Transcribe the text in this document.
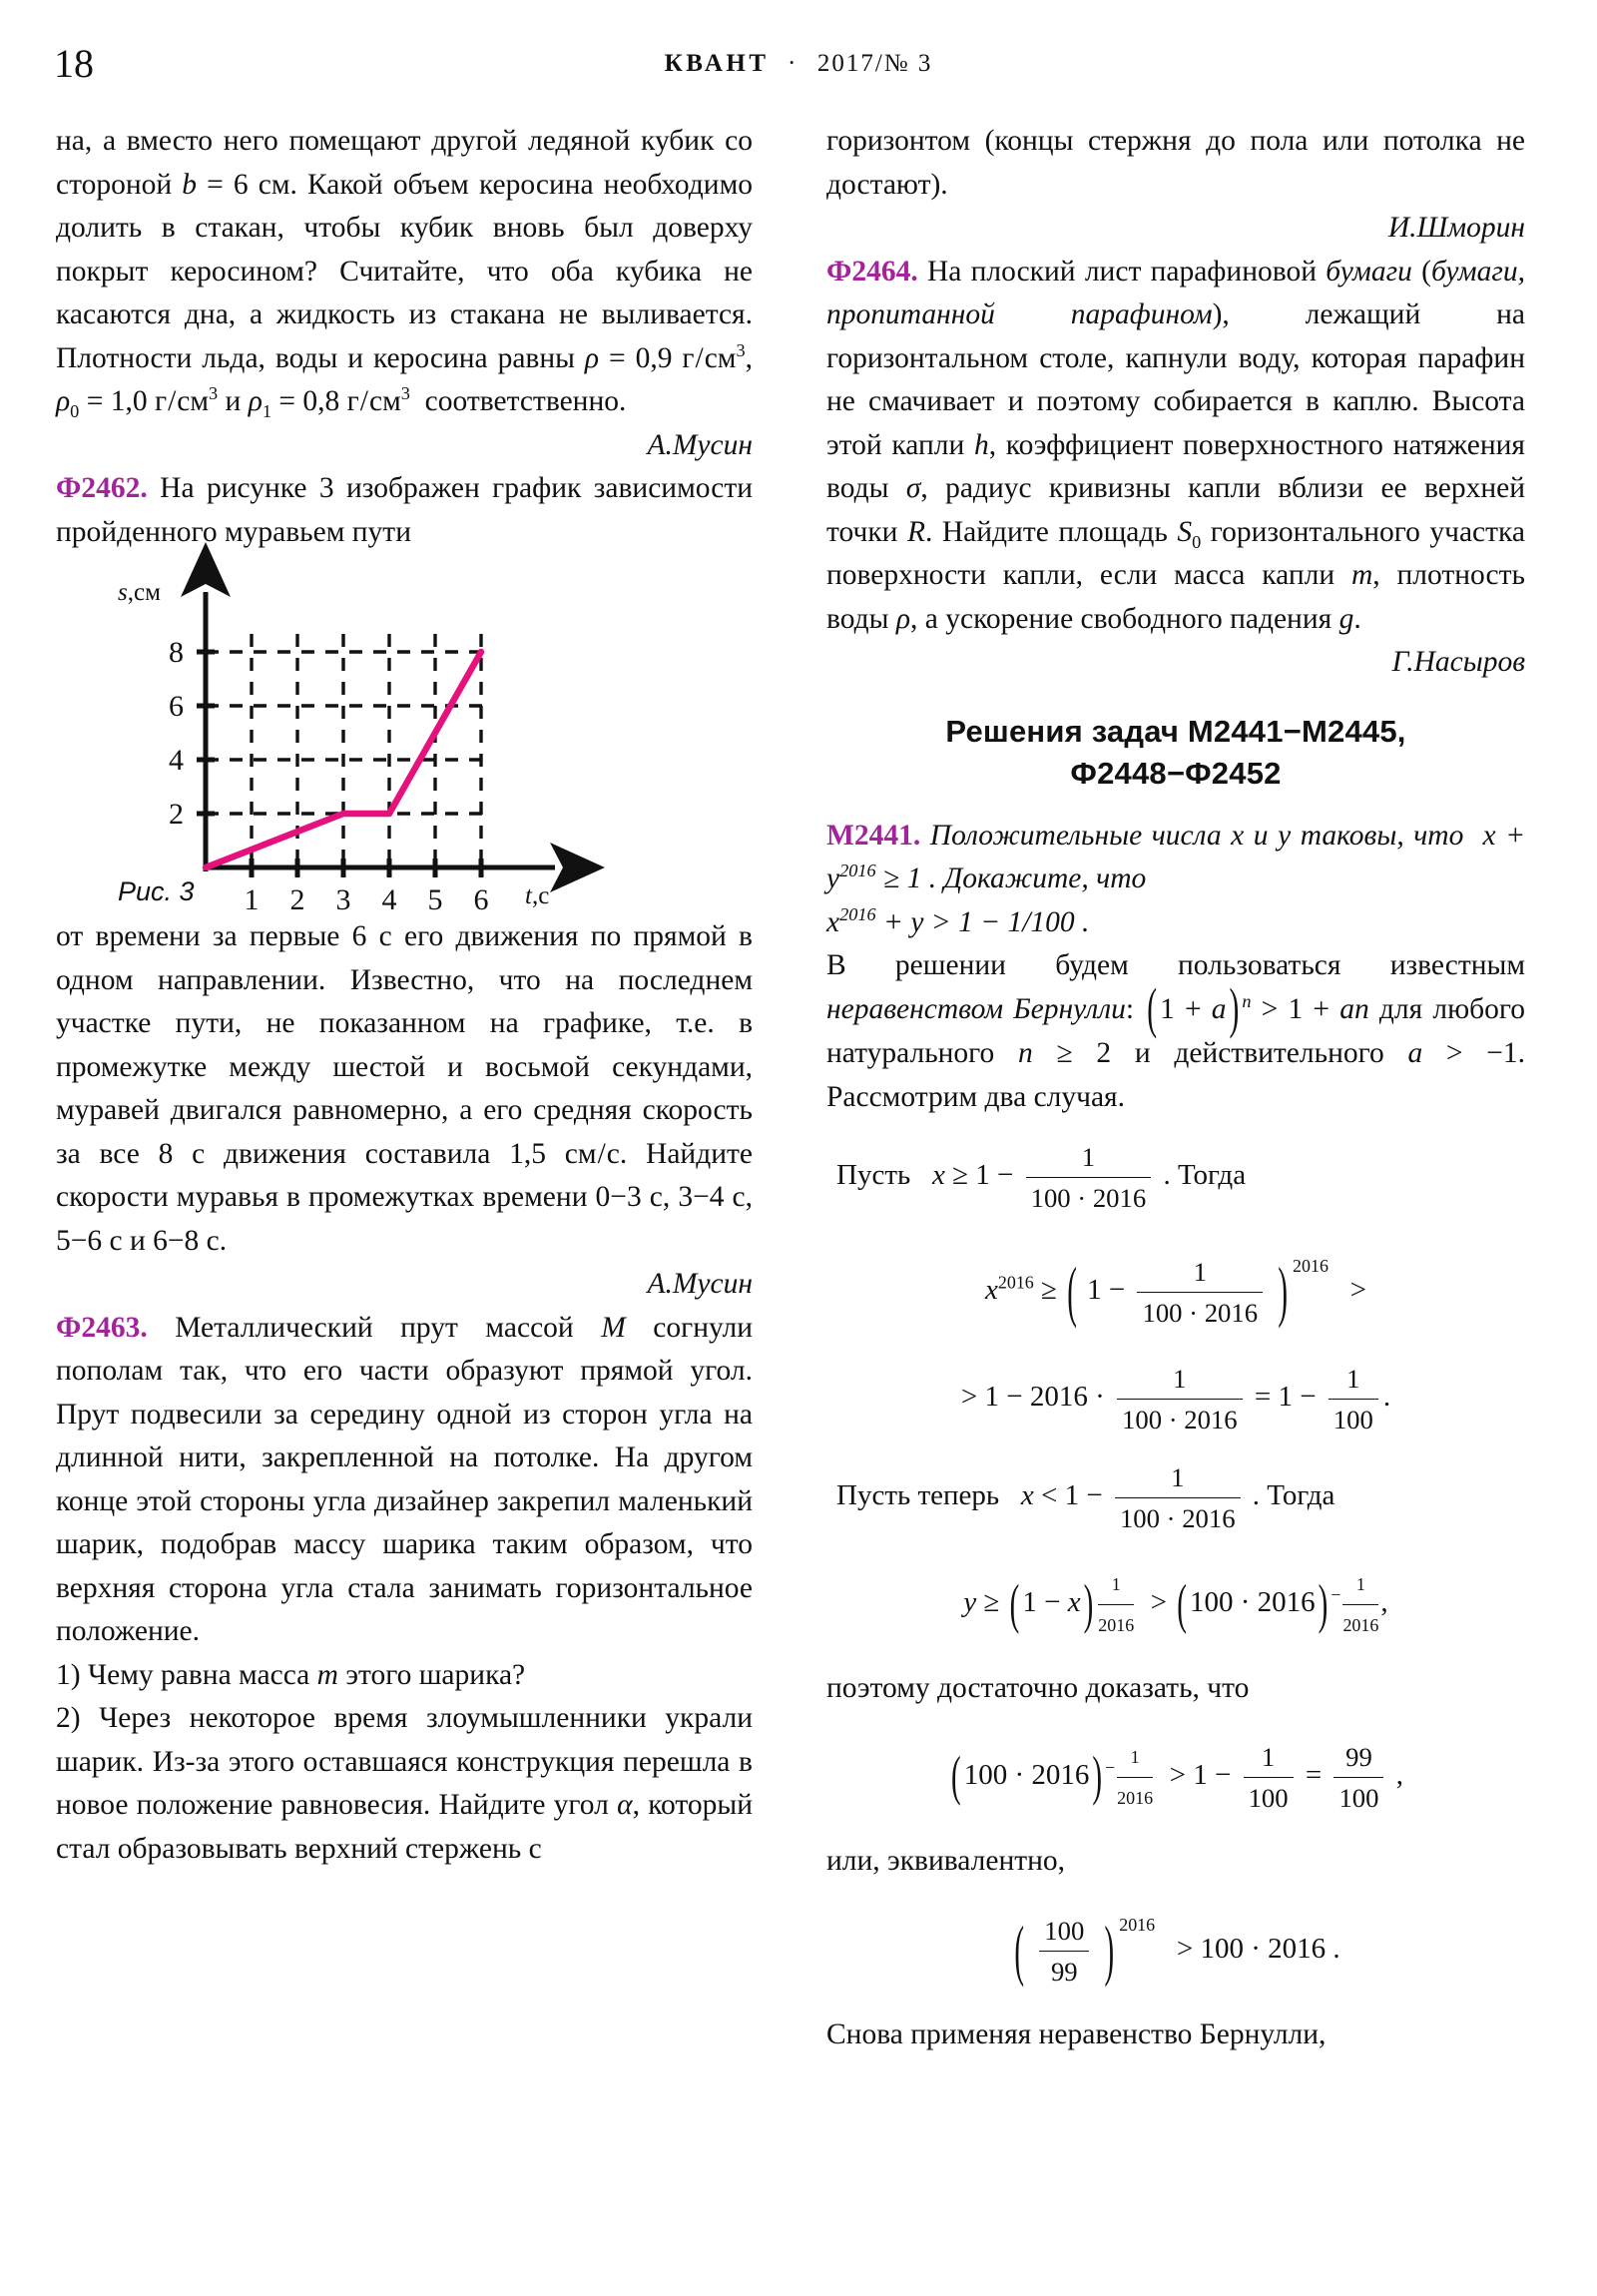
18	КВАНТ · 2017/№ 3

на, а вместо него помещают другой ледяной кубик со стороной b = 6 см. Какой объем керосина необходимо долить в стакан, чтобы кубик вновь был доверху покрыт керосином? Считайте, что оба кубика не касаются дна, а жидкость из стакана не выливается. Плотности льда, воды и керосина равны ρ = 0,9 $г/см^3$, $\rho_0 = 1,0$ $г/см^3$ и $\rho_1 = 0,8$ $г/см^3$  соответственно.

А.Мусин

Ф2462. На рисунке 3 изображен график зависимости пройденного муравьем пути

s,см
2
4
6
8
1 2 3 4 5 6 t,с
Рис. 3

от времени за первые 6 с его движения по прямой в одном направлении. Известно, что на последнем участке пути, не показанном на графике, т.е. в промежутке между шестой и восьмой секундами, муравей двигался равномерно, а его средняя скорость за все 8 с движения составила 1,5 см/с. Найдите скорости муравья в промежутках времени 0−3 с, 3−4 с, 5−6 с и 6−8 с.

А.Мусин

Ф2463. Металлический прут массой M согнули пополам так, что его части образуют прямой угол. Прут подвесили за середину одной из сторон угла на длинной нити, закрепленной на потолке. На другом конце этой стороны угла дизайнер закрепил маленький шарик, подобрав массу шарика таким образом, что верхняя сторона угла стала занимать горизонтальное положение.

1) Чему равна масса m этого шарика?

2) Через некоторое время злоумышленники украли шарик. Из-за этого оставшаяся конструкция перешла в новое положение равновесия. Найдите угол α, который стал образовывать верхний стержень с

горизонтом (концы стержня до пола или потолка не достают).

И.Шморин

Ф2464. На плоский лист парафиновой бумаги (бумаги, пропитанной парафином), лежащий на горизонтальном столе, капнули воду, которая парафин не смачивает и поэтому собирается в каплю. Высота этой капли h, коэффициент поверхностного натяжения воды σ, радиус кривизны капли вблизи ее верхней точки R. Найдите площадь $S_0$ горизонтального участка поверхности капли, если масса капли m, плотность воды ρ, а ускорение свободного падения g.

Г.Насыров

Решения задач М2441−М2445,
Ф2448−Ф2452

M2441. Положительные числа x и y таковы, что  $x + y^{2016} \ge 1$ . Докажите, что
$x^{2016} + y > 1 - 1/100$ .

В решении будем пользоваться известным неравенством Бернулли: ( 1 + a ) $^n$ > 1 + an для любого натурального n ≥ 2 и действительного a > −1. Рассмотрим два случая.

Пусть $x \ge 1 - \frac{1}{100 \cdot 2016}$ . Тогда
$x^{2016}$ ≥ ( $1 - \frac{1}{100 \cdot 2016}$ ) 2016   >
> $1 - 2016 \cdot \frac{1}{100 \cdot 2016} = 1 - \frac{1}{100}$ .
Пусть теперь $x < 1 - \frac{1}{100 \cdot 2016}$ . Тогда
y ≥ ( 1 − x ) $\frac{1}{2016}$ > ( 100 · 2016 ) $^- \frac{1}{2016}$ ,

поэтому достаточно доказать, что

( 100 · 2016 ) $^- \frac{1}{2016} > 1 - \frac{1}{100} = \frac{99}{100}$ ,

или, эквивалентно,

( $\frac{100}{99}$ ) 2016   > 100 · 2016 .

Снова применяя неравенство Бернулли,
